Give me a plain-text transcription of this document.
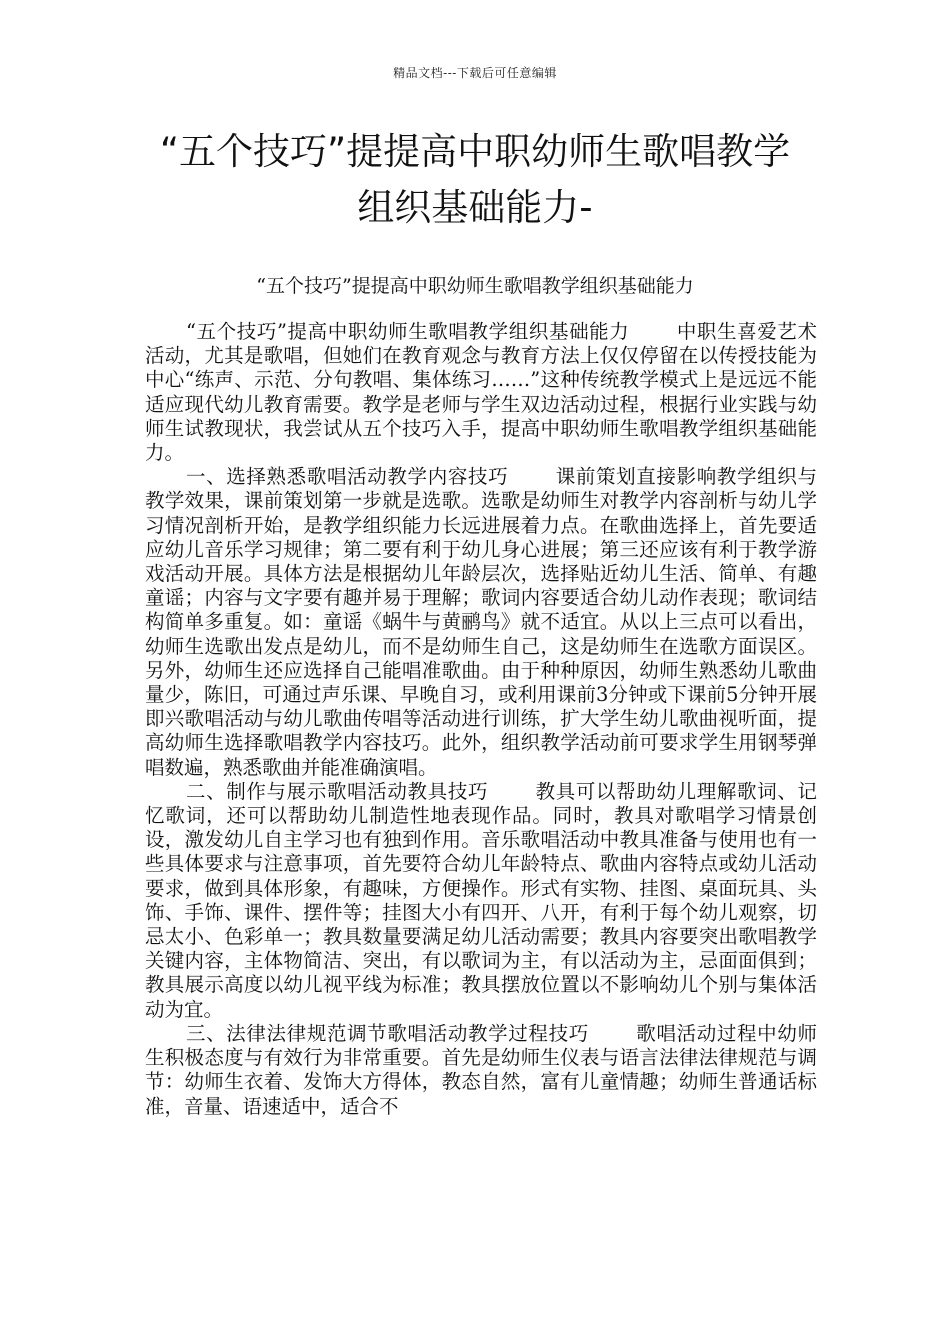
精品文档---下载后可任意编辑
“五个技巧”提提高中职幼师生歌唱教学
组织基础能力-
“五个技巧”提提高中职幼师生歌唱教学组织基础能力

“五个技巧”提高中职幼师生歌唱教学组织基础能力 中职生喜爱艺术活动，尤其是歌唱，但她们在教育观念与教育方法上仅仅停留在以传授技能为中心“练声、示范、分句教唱、集体练习……”这种传统教学模式上是远远不能适应现代幼儿教育需要。教学是老师与学生双边活动过程，根据行业实践与幼师生试教现状，我尝试从五个技巧入手，提高中职幼师生歌唱教学组织基础能力。

一、选择熟悉歌唱活动教学内容技巧 课前策划直接影响教学组织与教学效果，课前策划第一步就是选歌。选歌是幼师生对教学内容剖析与幼儿学习情况剖析开始，是教学组织能力长远进展着力点。在歌曲选择上，首先要适应幼儿音乐学习规律；第二要有利于幼儿身心进展；第三还应该有利于教学游戏活动开展。具体方法是根据幼儿年龄层次，选择贴近幼儿生活、简单、有趣童谣；内容与文字要有趣并易于理解；歌词内容要适合幼儿动作表现；歌词结构简单多重复。如：童谣《蜗牛与黄鹂鸟》就不适宜。从以上三点可以看出，幼师生选歌出发点是幼儿，而不是幼师生自己，这是幼师生在选歌方面误区。另外，幼师生还应选择自己能唱准歌曲。由于种种原因，幼师生熟悉幼儿歌曲量少，陈旧，可通过声乐课、早晚自习，或利用课前3分钟或下课前5分钟开展即兴歌唱活动与幼儿歌曲传唱等活动进行训练，扩大学生幼儿歌曲视听面，提高幼师生选择歌唱教学内容技巧。此外，组织教学活动前可要求学生用钢琴弹唱数遍，熟悉歌曲并能准确演唱。

二、制作与展示歌唱活动教具技巧 教具可以帮助幼儿理解歌词、记忆歌词，还可以帮助幼儿制造性地表现作品。同时，教具对歌唱学习情景创设，激发幼儿自主学习也有独到作用。音乐歌唱活动中教具准备与使用也有一些具体要求与注意事项，首先要符合幼儿年龄特点、歌曲内容特点或幼儿活动要求，做到具体形象，有趣味，方便操作。形式有实物、挂图、桌面玩具、头饰、手饰、课件、摆件等；挂图大小有四开、八开，有利于每个幼儿观察，切忌太小、色彩单一；教具数量要满足幼儿活动需要；教具内容要突出歌唱教学关键内容，主体物简洁、突出，有以歌词为主，有以活动为主，忌面面俱到；教具展示高度以幼儿视平线为标准；教具摆放位置以不影响幼儿个别与集体活动为宜。

三、法律法律规范调节歌唱活动教学过程技巧 歌唱活动过程中幼师生积极态度与有效行为非常重要。首先是幼师生仪表与语言法律法律规范与调节：幼师生衣着、发饰大方得体，教态自然，富有儿童情趣；幼师生普通话标准，音量、语速适中，适合不
